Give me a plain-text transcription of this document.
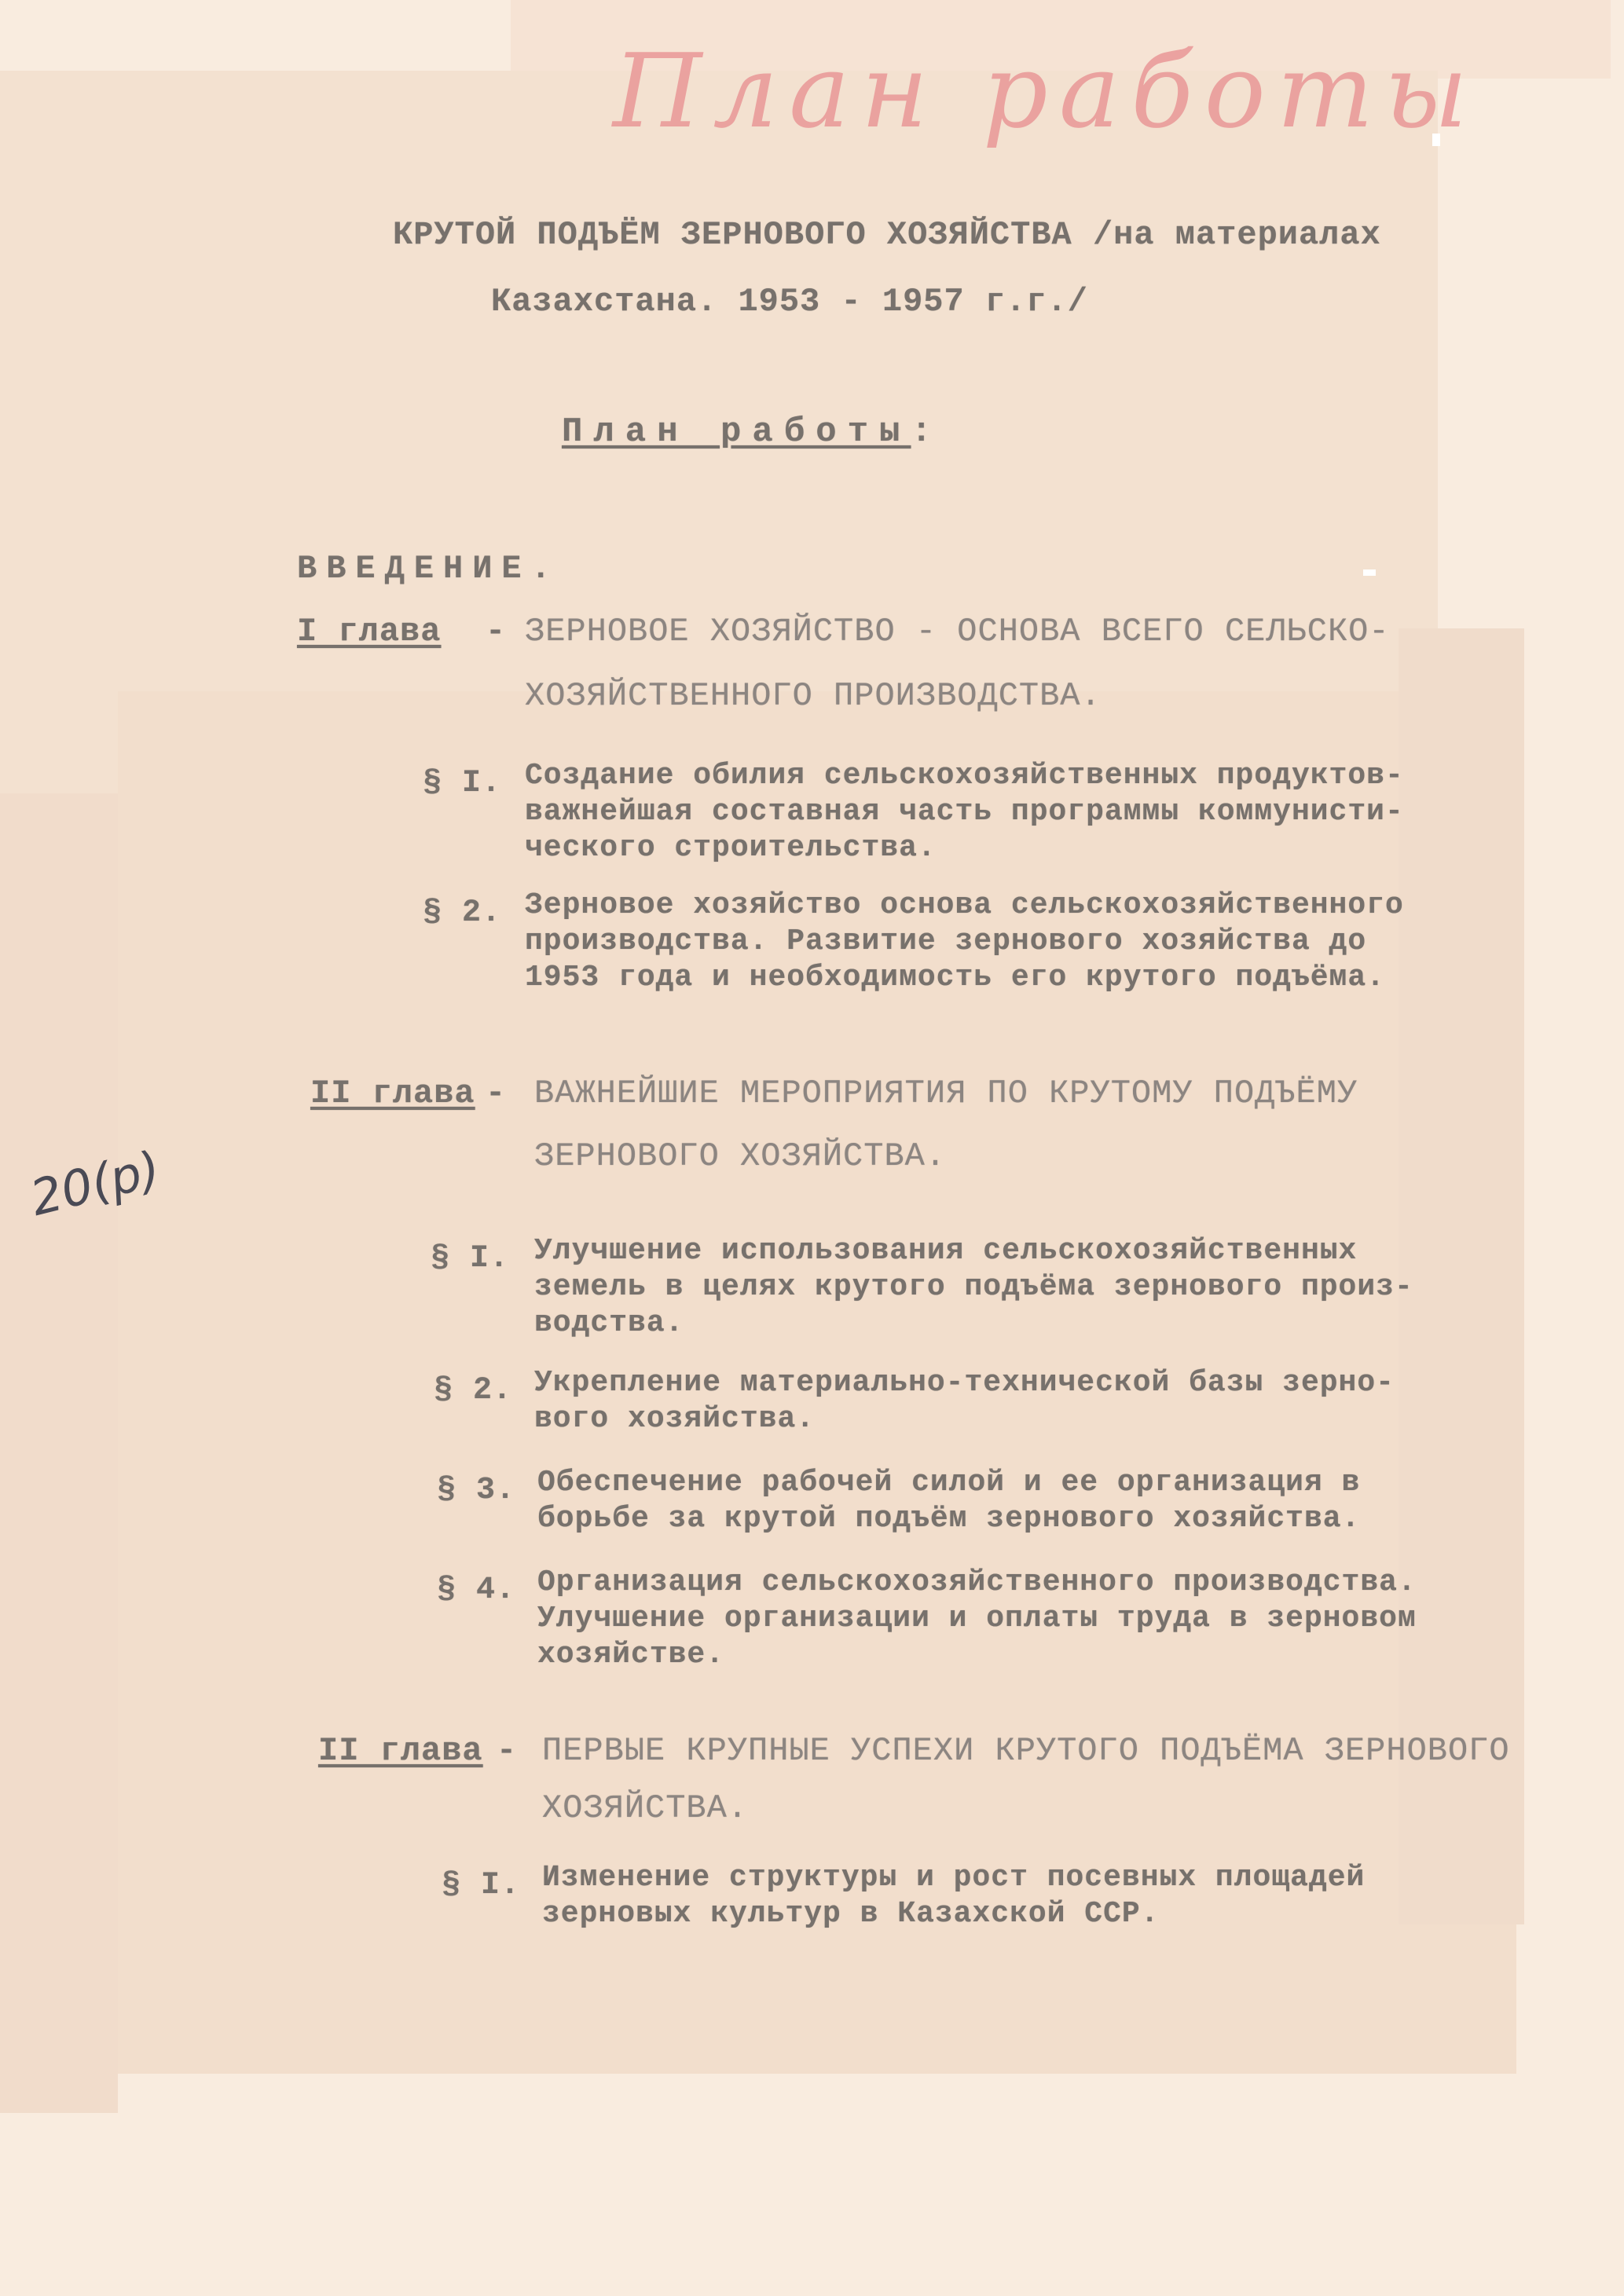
План работы
20(р)
КРУТОЙ ПОДЪЁМ ЗЕРНОВОГО ХОЗЯЙСТВА /на материалах
Казахстана. 1953 - 1957 г.г./
План работы:
ВВЕДЕНИЕ.
I глава - ЗЕРНОВОЕ ХОЗЯЙСТВО - ОСНОВА ВСЕГО СЕЛЬСКО-
ХОЗЯЙСТВЕННОГО ПРОИЗВОДСТВА.
§ I. Создание обилия сельскохозяйственных продуктов-
важнейшая составная часть программы коммунисти-
ческого строительства.
§ 2. Зерновое хозяйство основа сельскохозяйственного
производства. Развитие зернового хозяйства до
1953 года и необходимость его крутого подъёма.
II глава - ВАЖНЕЙШИЕ МЕРОПРИЯТИЯ ПО КРУТОМУ ПОДЪЁМУ
ЗЕРНОВОГО ХОЗЯЙСТВА.
§ I. Улучшение использования сельскохозяйственных
земель в целях крутого подъёма зернового произ-
водства.
§ 2. Укрепление материально-технической базы зерно-
вого хозяйства.
§ 3. Обеспечение рабочей силой и ее организация в
борьбе за крутой подъём зернового хозяйства.
§ 4. Организация сельскохозяйственного производства.
Улучшение организации и оплаты труда в зерновом
хозяйстве.
II глава - ПЕРВЫЕ КРУПНЫЕ УСПЕХИ КРУТОГО ПОДЪЁМА ЗЕРНОВОГО
ХОЗЯЙСТВА.
§ I. Изменение структуры и рост посевных площадей
зерновых культур в Казахской ССР.
